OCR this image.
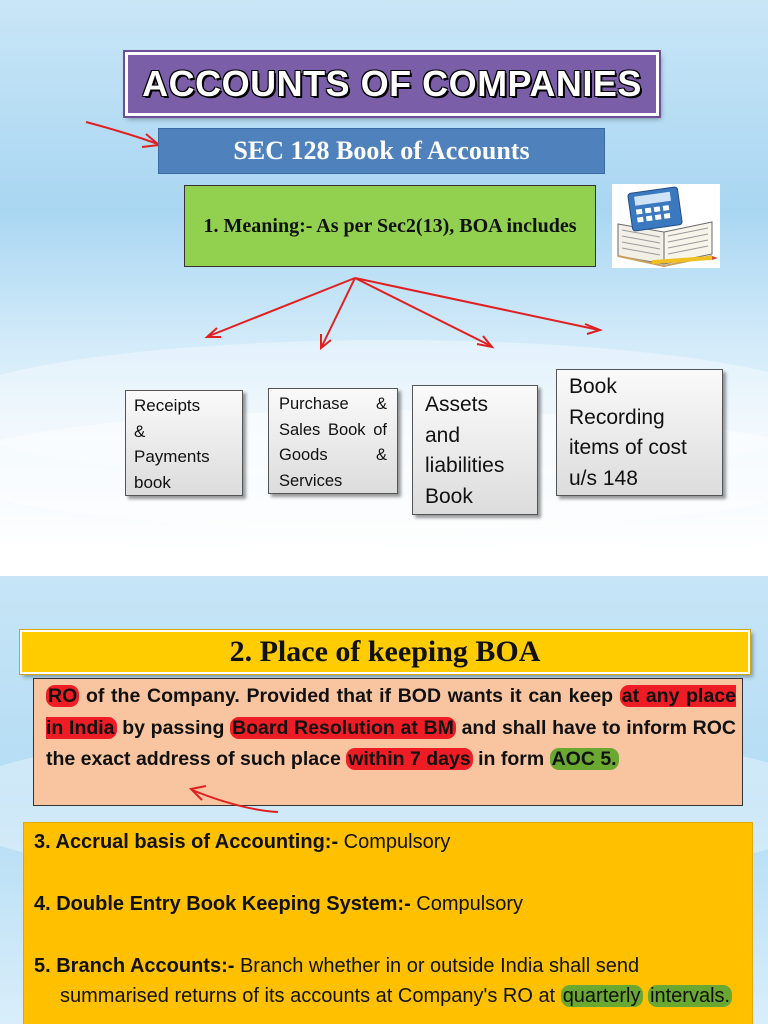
ACCOUNTS OF COMPANIES
SEC 128 Book of Accounts
1. Meaning:- As per Sec2(13), BOA includes
Receipts
&
Payments
book
Purchase & Sales Book of Goods & Services
Assets
and
liabilities
Book
Book
Recording
items of cost
u/s 148
2. Place of keeping BOA
RO of the Company. Provided that if BOD wants it can keep at any place in India by passing Board Resolution at BM and shall have to inform ROC the exact address of such place within 7 days in form AOC 5.

3. Accrual basis of Accounting:- Compulsory

4. Double Entry Book Keeping System:- Compulsory

5. Branch Accounts:- Branch whether in or outside India shall send
summarised returns of its accounts at Company's RO at quarterly intervals.
